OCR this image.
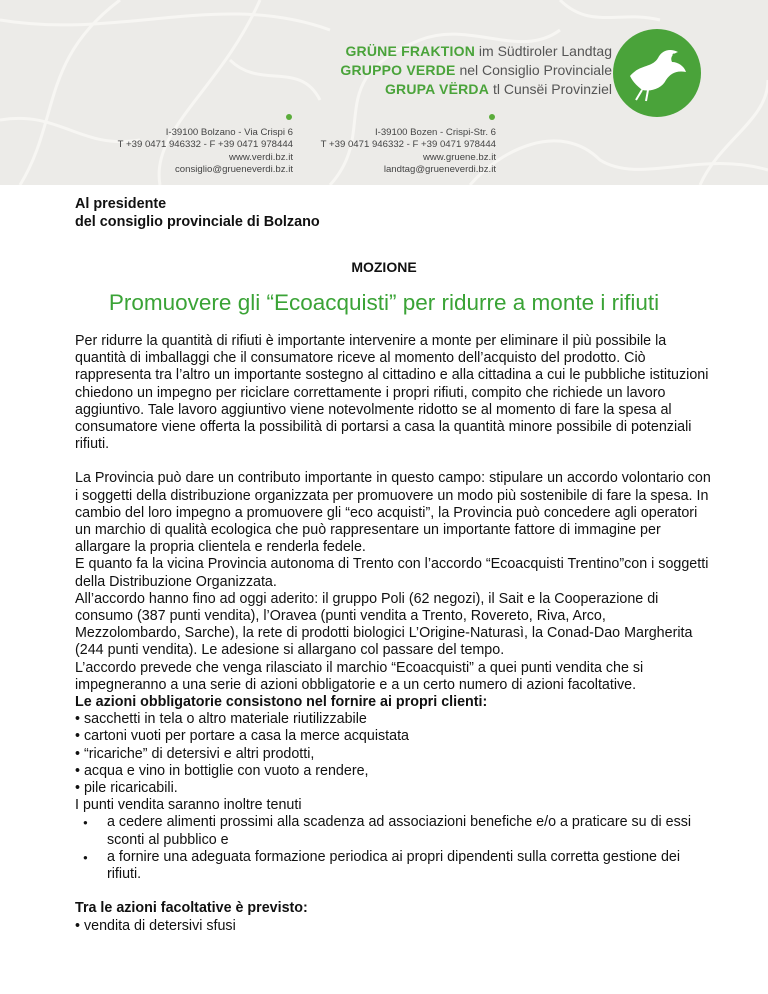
GRÜNE FRAKTION im Südtiroler Landtag
GRUPPO VERDE nel Consiglio Provinciale
GRUPA VËRDA tl Cunsëi Provinziel
I-39100 Bolzano - Via Crispi 6
T +39 0471 946332 - F +39 0471 978444
www.verdi.bz.it
consiglio@grueneverdi.bz.it
I-39100 Bozen - Crispi-Str. 6
T +39 0471 946332 - F +39 0471 978444
www.gruene.bz.it
landtag@grueneverdi.bz.it
Al presidente
del consiglio provinciale di Bolzano
MOZIONE
Promuovere gli “Ecoacquisti” per ridurre a monte i rifiuti

Per ridurre la quantità di rifiuti è importante intervenire a monte per eliminare il più possibile la quantità di imballaggi che il consumatore riceve al momento dell’acquisto del prodotto. Ciò rappresenta tra l’altro un importante sostegno al cittadino e alla cittadina a cui le pubbliche istituzioni chiedono un impegno per riciclare correttamente i propri rifiuti, compito che richiede un lavoro aggiuntivo. Tale lavoro aggiuntivo viene notevolmente ridotto se al momento di fare la spesa al consumatore viene offerta la possibilità di portarsi a casa la quantità minore possibile di potenziali rifiuti.

La Provincia può dare un contributo importante in questo campo: stipulare un accordo volontario con i soggetti della distribuzione organizzata per promuovere un modo più sostenibile di fare la spesa. In cambio del loro impegno a promuovere gli “eco acquisti”, la Provincia può concedere agli operatori un marchio di qualità ecologica che può rappresentare un importante fattore di immagine per allargare la propria clientela e renderla fedele.

E quanto fa la vicina Provincia autonoma di Trento con l’accordo “Ecoacquisti Trentino”con i soggetti della Distribuzione Organizzata.

All’accordo hanno fino ad oggi aderito: il gruppo Poli (62 negozi), il Sait e la Cooperazione di consumo (387 punti vendita), l’Oravea (punti vendita a Trento, Rovereto, Riva, Arco, Mezzolombardo, Sarche), la rete di prodotti biologici L’Origine-Naturasì, la Conad-Dao Margherita (244 punti vendita). Le adesione si allargano col passare del tempo.

L’accordo prevede che venga rilasciato il marchio “Ecoacquisti” a quei punti vendita che si impegneranno a una serie di azioni obbligatorie e a un certo numero di azioni facoltative.

Le azioni obbligatorie consistono nel fornire ai propri clienti:

• sacchetti in tela o altro materiale riutilizzabile

• cartoni vuoti per portare a casa la merce acquistata

• “ricariche” di detersivi e altri prodotti,

• acqua e vino in bottiglie con vuoto a rendere,

• pile ricaricabili.

I punti vendita saranno inoltre tenuti

●	a cedere alimenti prossimi alla scadenza ad associazioni benefiche e/o a praticare su di essi sconti al pubblico e
●	a fornire una adeguata formazione periodica ai propri dipendenti sulla corretta gestione dei rifiuti.

Tra le azioni facoltative è previsto:

• vendita di detersivi sfusi
